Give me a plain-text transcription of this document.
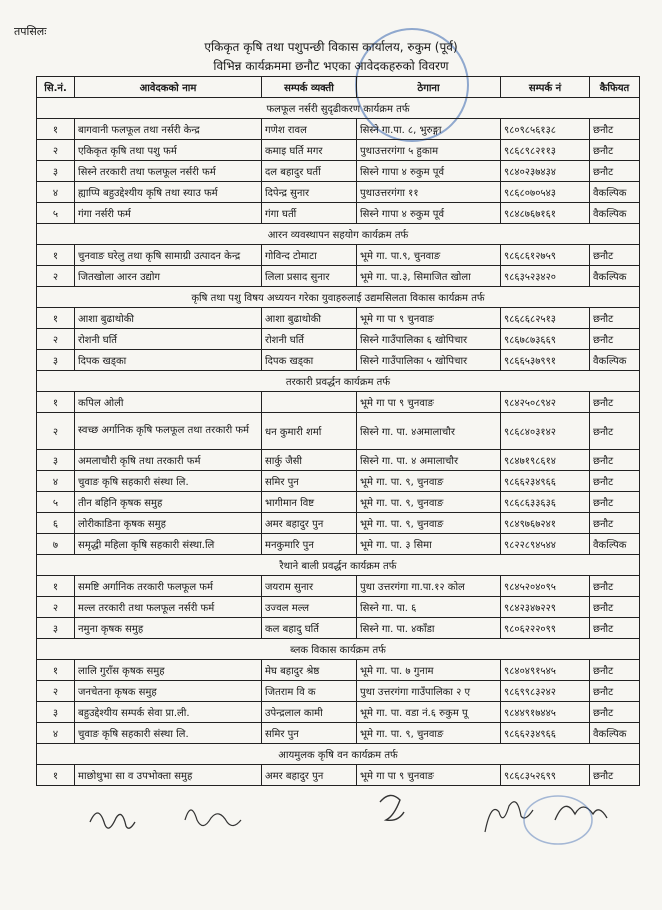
तपसिलः
एकिकृत कृषि तथा पशुपन्छी विकास कार्यालय, रुकुम (पूर्व)
विभिन्न कार्यक्रममा छनौट भएका आवेदकहरुको विवरण
सि.नं.	आवेदकको नाम	सम्पर्क व्यक्ती	ठेगाना	सम्पर्क नं	कैफियत
फलफूल नर्सरी सुदृढीकरण कार्यक्रम तर्फ					
१	बागवानी फलफूल तथा नर्सरी केन्द्र	गणेश रावल	सिस्ने गा.पा. ८, भुरुङ्गा	९८०९८५६१३८	छनौट
२	एकिकृत कृषि तथा पशु फर्म	कमाइ घर्ति मगर	पुथाउत्तरगंगा ५ हुकाम	९८६८९८२११३	छनौट
३	सिस्ने तरकारी तथा फलफूल नर्सरी फर्म	दल बहादुर घर्ती	सिस्ने गापा ४ रुकुम पूर्व	९८४०२३७४३४	छनौट
४	ह्याप्पि बहुउद्देश्यीय कृषि तथा स्याउ फर्म	दिपेन्द्र सुनार	पुथाउत्तरगंगा ११	९८६८०७०५४३	वैकल्पिक
५	गंगा नर्सरी फर्म	गंगा घर्ती	सिस्ने गापा ४ रुकुम पूर्व	९८४८७६७१६१	वैकल्पिक
आरन व्यवस्थापन सहयोग कार्यक्रम तर्फ					
१	चुनवाङ घरेलु तथा कृषि सामाग्री उत्पादन केन्द्र	गोविन्द टोमाटा	भूमे गा. पा.९, चुनवाङ	९८६८६१२७५९	छनौट
२	जितखोला आरन उद्योग	लिला प्रसाद सुनार	भूमे गा. पा.३, सिमाजित खोला	९८६३५२३४२०	वैकल्पिक
कृषि तथा पशु विषय अध्ययन गरेका युवाहरुलाई उद्यमसिलता विकास कार्यक्रम तर्फ					
१	आशा बुढाथोकी	आशा बुढाथोकी	भूमे गा पा ९ चुनवाङ	९८६८६८२५१३	छनौट
२	रोशनी घर्ति	रोशनी घर्ति	सिस्ने गाउँपालिका ६ खोपिचार	९८६७८७३६६९	छनौट
३	दिपक खड्का	दिपक खड्का	सिस्ने गाउँपालिका ५ खोपिचार	९८६६५३७९९१	वैकल्पिक
तरकारी प्रवर्द्धन कार्यक्रम तर्फ					
१	कपिल ओली		भूमे गा पा ९ चुनवाङ	९८४२५०८९४२	छनौट
२	स्वच्छ अर्गानिक कृषि फलफूल तथा तरकारी फर्म	धन कुमारी शर्मा	सिस्ने गा. पा. ४अमालाचौर	९८६८४०३१४२	छनौट
३	अमलाचौरी कृषि तथा तरकारी फर्म	सार्कु जैसी	सिस्ने गा. पा. ४ अमालाचौर	९८४७१९८६१४	छनौट
४	चुवाङ कृषि सहकारी संस्था लि.	समिर पुन	भूमे गा. पा. ९, चुनवाङ	९८६६२३४९६६	छनौट
५	तीन बहिनि कृषक समुह	भागीमान विष्ट	भूमे गा. पा. ९, चुनवाङ	९८६८६३३६३६	छनौट
६	लोरीकाडिना कृषक समुह	अमर बहादुर पुन	भूमे गा. पा. ९, चुनवाङ	९८४९७६७२४१	छनौट
७	समृद्धी महिला कृषि सहकारी संस्था.लि	मनकुमारि पुन	भूमे गा. पा. ३ सिमा	९८२२८९४५४४	वैकल्पिक
रैथाने बाली प्रवर्द्धन कार्यक्रम तर्फ					
१	समष्टि अर्गानिक तरकारी फलफूल फर्म	जयराम सुनार	पुथा उत्तरगंगा गा.पा.१२ कोल	९८४५२०४०९५	छनौट
२	मल्ल तरकारी तथा फलफूल नर्सरी फर्म	उज्वल मल्ल	सिस्ने गा. पा. ६	९८४२३४७२२९	छनौट
३	नमुना कृषक समुह	कल बहादु घर्ति	सिस्ने गा. पा. ४काँडा	९८०६२२२०९९	छनौट
ब्लक विकास कार्यक्रम तर्फ					
१	लालि गुराँस कृषक समुह	मेघ बहादुर श्रेष्ठ	भूमे गा. पा. ७ गुनाम	९८४०४९१५४५	छनौट
२	जनचेतना कृषक समुह	जितराम वि क	पुथा उत्तरगंगा गाउँपालिका २ ए	९८६९९८३२४२	छनौट
३	बहुउद्देश्यीय सम्पर्क सेवा प्रा.ली.	उपेन्द्रलाल कामी	भूमे गा. पा. वडा नं.६ रुकुम पू	९८४४९१७४४५	छनौट
४	चुवाङ कृषि सहकारी संस्था लि.	समिर पुन	भूमे गा. पा. ९, चुनवाङ	९८६६२३४९६६	वैकल्पिक
आयमुलक कृषि वन कार्यक्रम तर्फ					
१	माछोथुभा सा व उपभोक्ता समुह	अमर बहादुर पुन	भूमे गा पा ९ चुनवाङ	९८६८३५२६९९	छनौट
